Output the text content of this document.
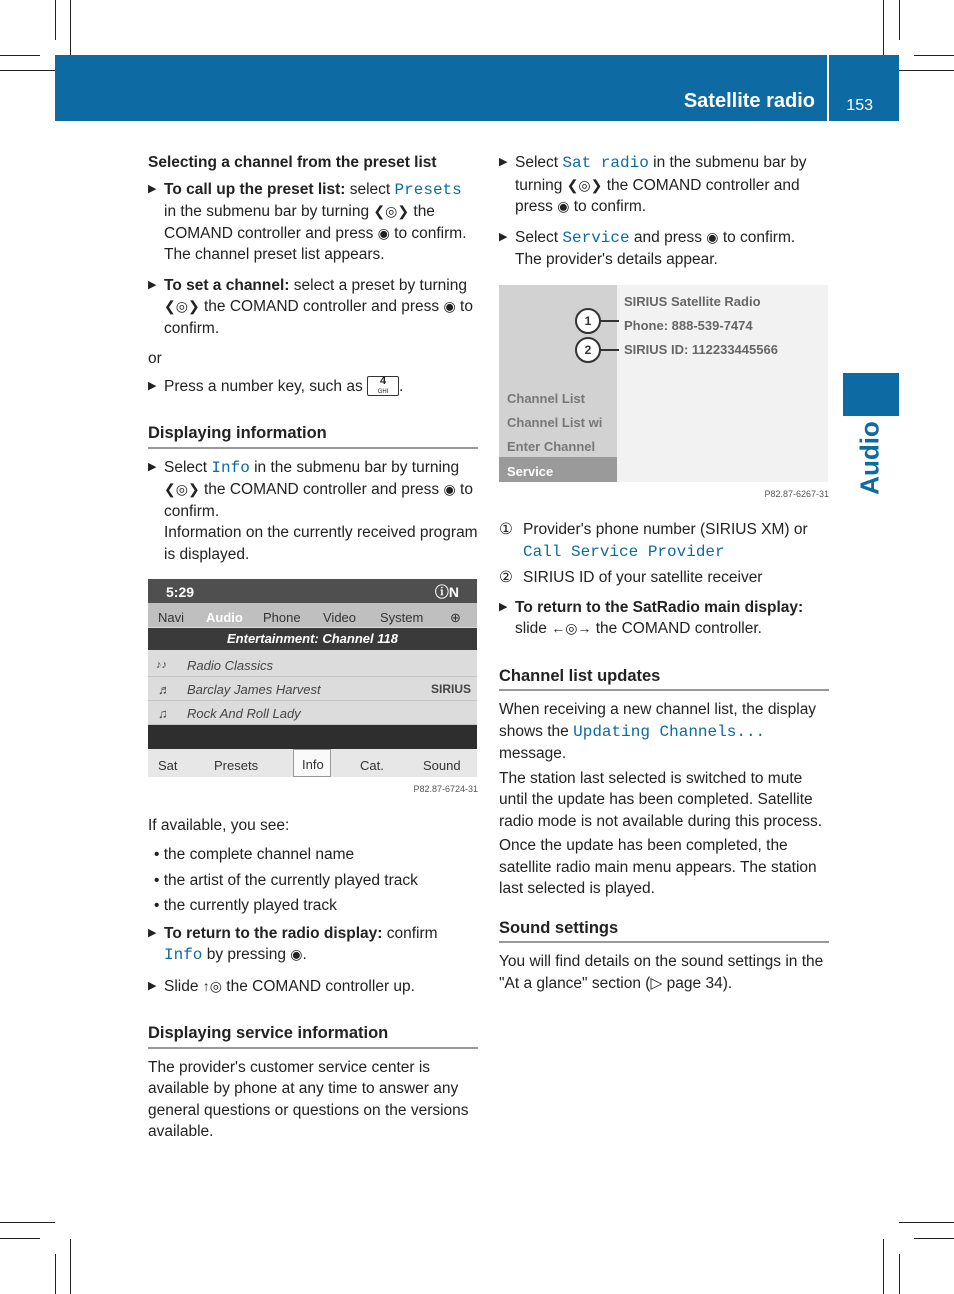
Satellite radio 153
Audio

Selecting a channel from the preset list

▶ To call up the preset list: select Presets in the submenu bar by turning ❮◎❯ the COMAND controller and press ◉ to confirm.
The channel preset list appears.
▶ To set a channel: select a preset by turning ❮◎❯ the COMAND controller and press ◉ to confirm.

or

▶ Press a number key, such as 4
GHI .
Displaying information
▶ Select Info in the submenu bar by turning ❮◎❯ the COMAND controller and press ◉ to confirm.
Information on the currently received program is displayed.
5:29	ⓘN
Navi Audio Phone Video System ⊕
Entertainment: Channel 118
♪♪ Radio Classics
♬ Barclay James Harvest	SIRIUS
♫ Rock And Roll Lady
Sat	Presets	Info	Cat.	Sound
P82.87-6724-31

If available, you see:

• the complete channel name

• the artist of the currently played track

• the currently played track

▶ To return to the radio display: confirm Info by pressing ◉.
▶ Slide ↑◎ the COMAND controller up.
Displaying service information

The provider's customer service center is available by phone at any time to answer any general questions or questions on the versions available.

▶ Select Sat radio in the submenu bar by turning ❮◎❯ the COMAND controller and press ◉ to confirm.
▶ Select Service and press ◉ to confirm.
The provider's details appear.
Channel List
Channel List wi
Enter Channel
Service
SIRIUS Satellite Radio
Phone: 888-539-7474
SIRIUS ID: 112233445566
1
2
P82.87-6267-31

① Provider's phone number (SIRIUS XM) or Call Service Provider

② SIRIUS ID of your satellite receiver

▶ To return to the SatRadio main display: slide ←◎→ the COMAND controller.
Channel list updates

When receiving a new channel list, the display shows the Updating Channels... message.

The station last selected is switched to mute until the update has been completed. Satellite radio mode is not available during this process.

Once the update has been completed, the satellite radio main menu appears. The station last selected is played.

Sound settings

You will find details on the sound settings in the "At a glance" section (▷ page 34).
